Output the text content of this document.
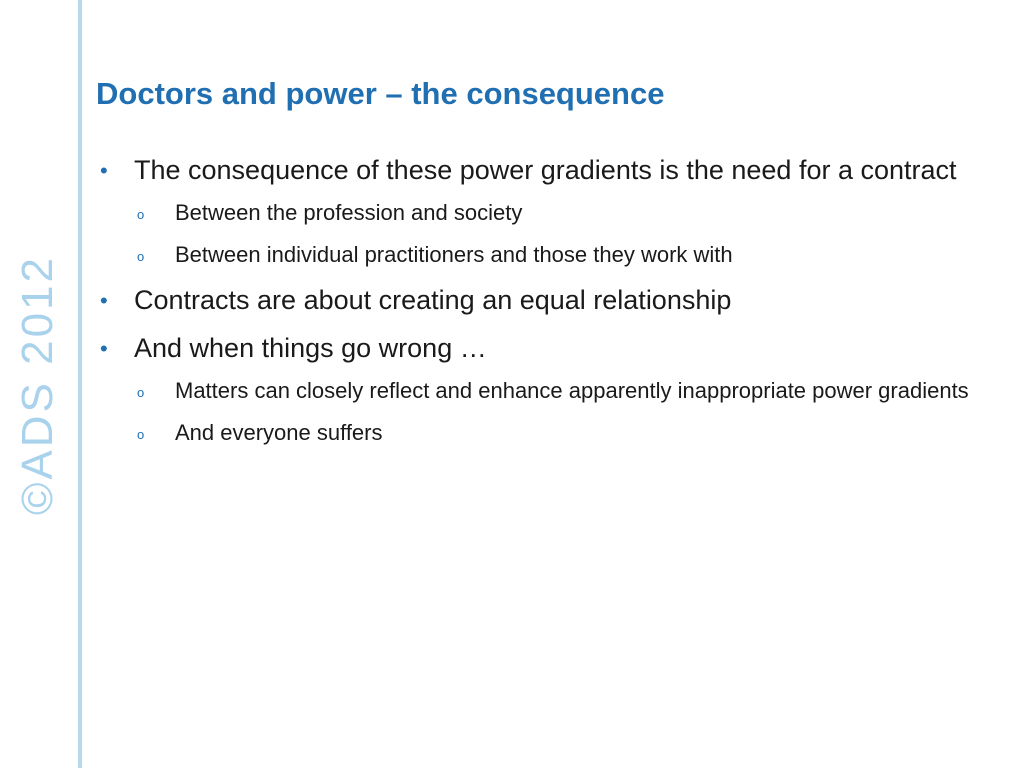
©ADS 2012
Doctors and power – the consequence
• The consequence of these power gradients is the need for a contract
o Between the profession and society
o Between individual practitioners and those they work with
• Contracts are about creating an equal relationship
• And when things go wrong …
o Matters can closely reflect and enhance apparently inappropriate power gradients
o And everyone suffers
